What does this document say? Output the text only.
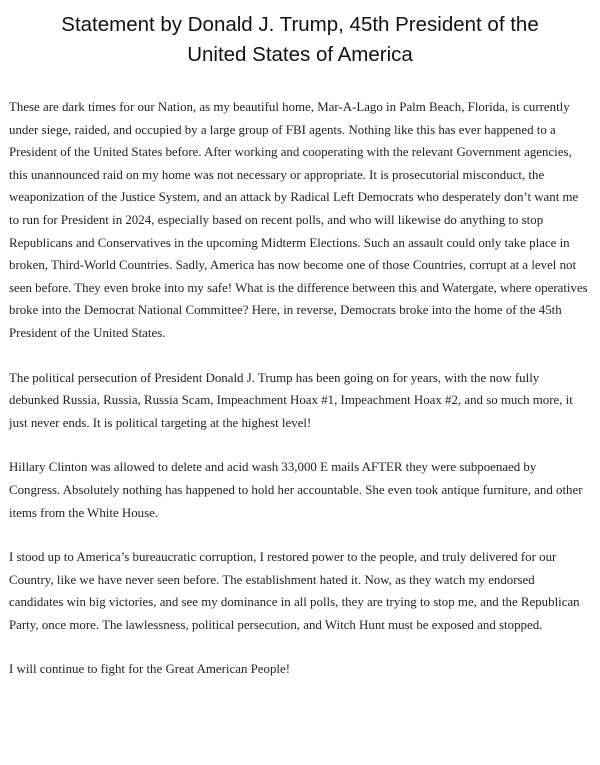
Statement by Donald J. Trump, 45th President of the
United States of America

These are dark times for our Nation, as my beautiful home, Mar-A-Lago in Palm Beach, Florida, is currently under siege, raided, and occupied by a large group of FBI agents. Nothing like this has ever happened to a President of the United States before. After working and cooperating with the relevant Government agencies, this unannounced raid on my home was not necessary or appropriate. It is prosecutorial misconduct, the weaponization of the Justice System, and an attack by Radical Left Democrats who desperately don’t want me to run for President in 2024, especially based on recent polls, and who will likewise do anything to stop Republicans and Conservatives in the upcoming Midterm Elections. Such an assault could only take place in broken, Third-World Countries. Sadly, America has now become one of those Countries, corrupt at a level not seen before. They even broke into my safe! What is the difference between this and Watergate, where operatives broke into the Democrat National Committee? Here, in reverse, Democrats broke into the home of the 45th President of the United States.

The political persecution of President Donald J. Trump has been going on for years, with the now fully debunked Russia, Russia, Russia Scam, Impeachment Hoax #1, Impeachment Hoax #2, and so much more, it just never ends. It is political targeting at the highest level!

Hillary Clinton was allowed to delete and acid wash 33,000 E mails AFTER they were subpoenaed by Congress. Absolutely nothing has happened to hold her accountable. She even took antique furniture, and other items from the White House.

I stood up to America’s bureaucratic corruption, I restored power to the people, and truly delivered for our Country, like we have never seen before. The establishment hated it. Now, as they watch my endorsed candidates win big victories, and see my dominance in all polls, they are trying to stop me, and the Republican Party, once more. The lawlessness, political persecution, and Witch Hunt must be exposed and stopped.

I will continue to fight for the Great American People!
